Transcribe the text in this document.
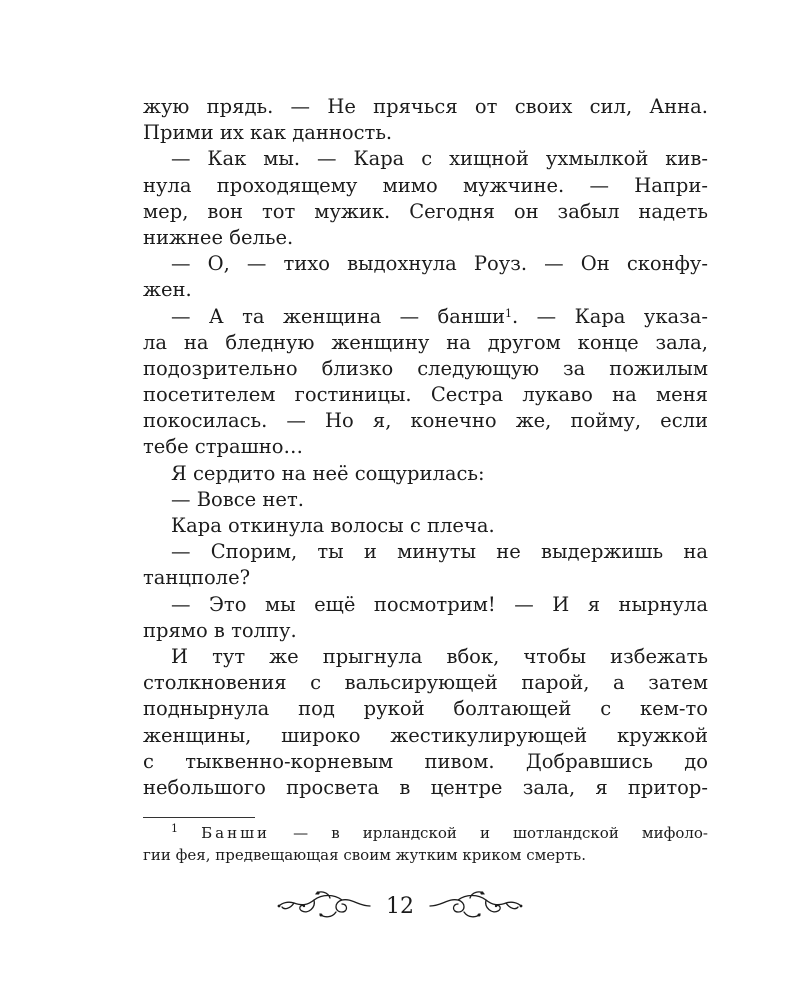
жую прядь. — Не прячься от своих сил, Анна.
Прими их как данность.
— Как мы. — Кара с хищной ухмылкой кив-
нула проходящему мимо мужчине. — Напри-
мер, вон тот мужик. Сегодня он забыл надеть
нижнее белье.
— О, — тихо выдохнула Роуз. — Он сконфу-
жен.
— А та женщина — банши$^1$. — Кара указа-
ла на бледную женщину на другом конце зала,
подозрительно близко следующую за пожилым
посетителем гостиницы. Сестра лукаво на меня
покосилась. — Но я, конечно же, пойму, если
тебе страшно…
Я сердито на неё сощурилась:
— Вовсе нет.
Кара откинула волосы с плеча.
— Спорим, ты и минуты не выдержишь на
танцполе?
— Это мы ещё посмотрим! — И я нырнула
прямо в толпу.
И тут же прыгнула вбок, чтобы избежать
столкновения с вальсирующей парой, а затем
поднырнула под рукой болтающей с кем-то
женщины, широко жестикулирующей кружкой
с тыквенно-корневым пивом. Добравшись до
небольшого просвета в центре зала, я притор-
$^1$ Банши — в ирландской и шотландской мифоло-
гии фея, предвещающая своим жутким криком смерть.
12
